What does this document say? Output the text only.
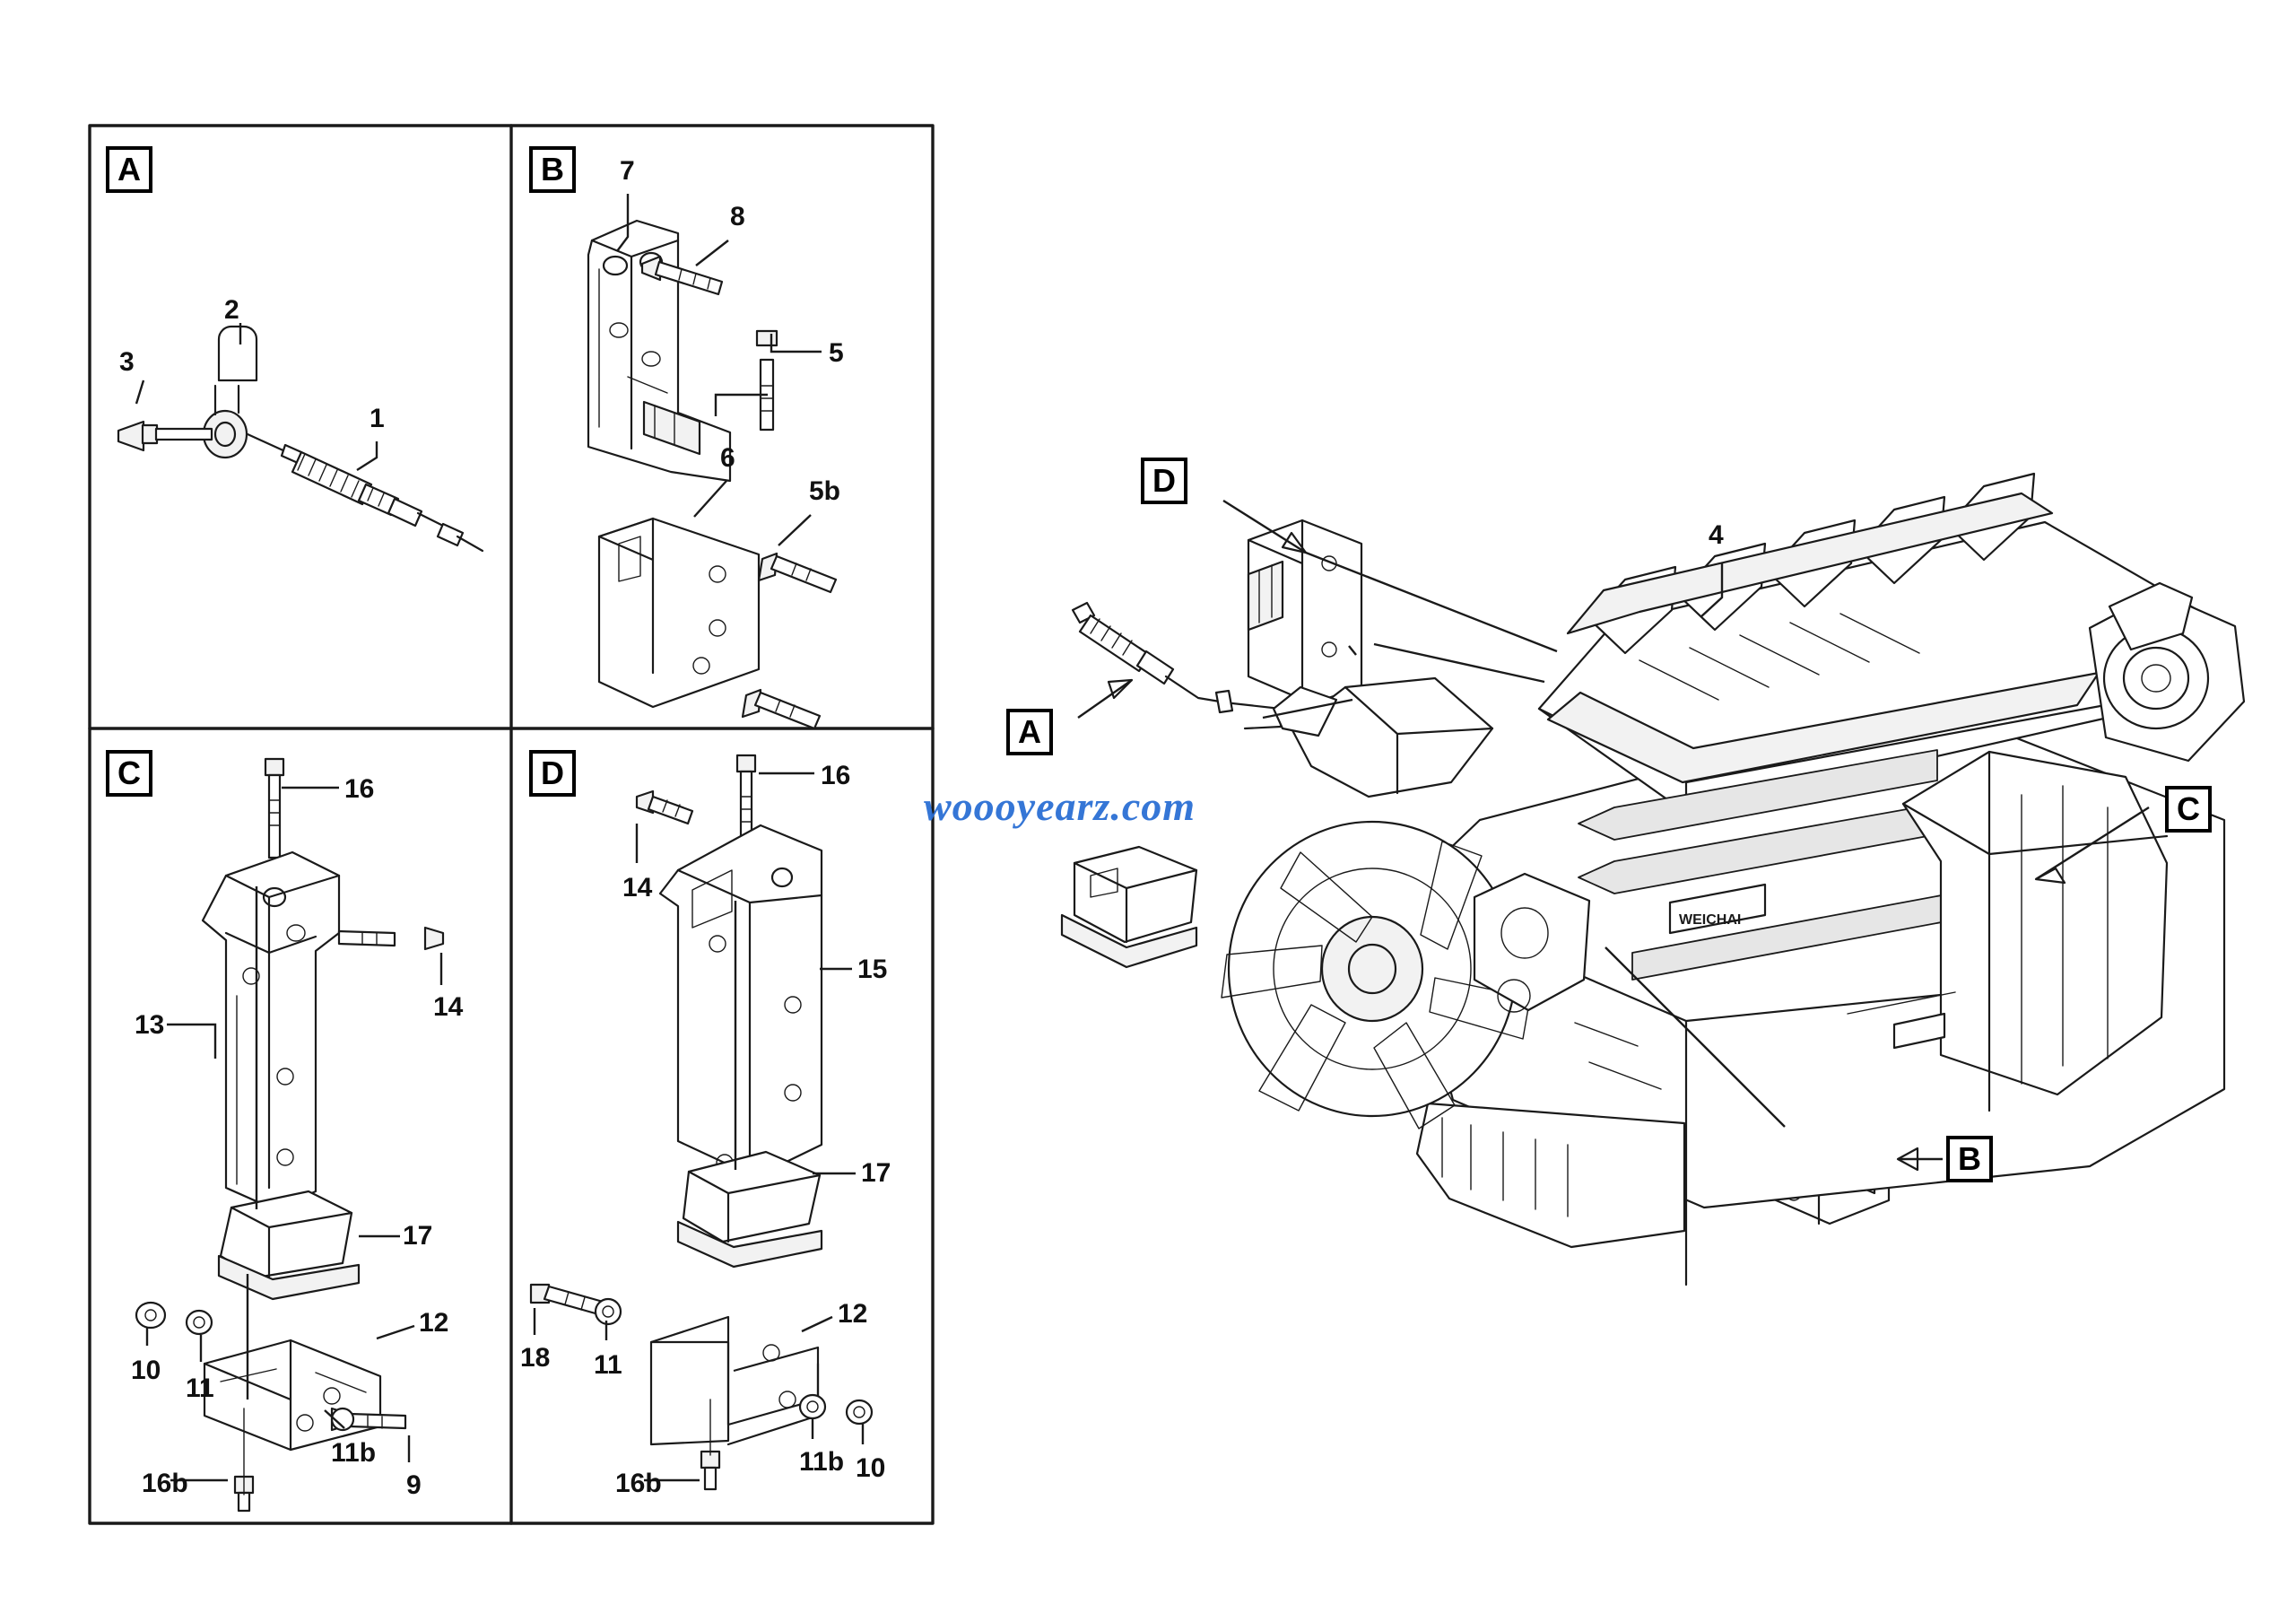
WEICHAI
A	B
C	D
D
A
C
B
1
2
3
7
8
5
6
5b
16
14
13
17
10
11
12
11b
16b	9
16
14
15
17
18 11
12
16b
11b 10
4
woooyearz.com
